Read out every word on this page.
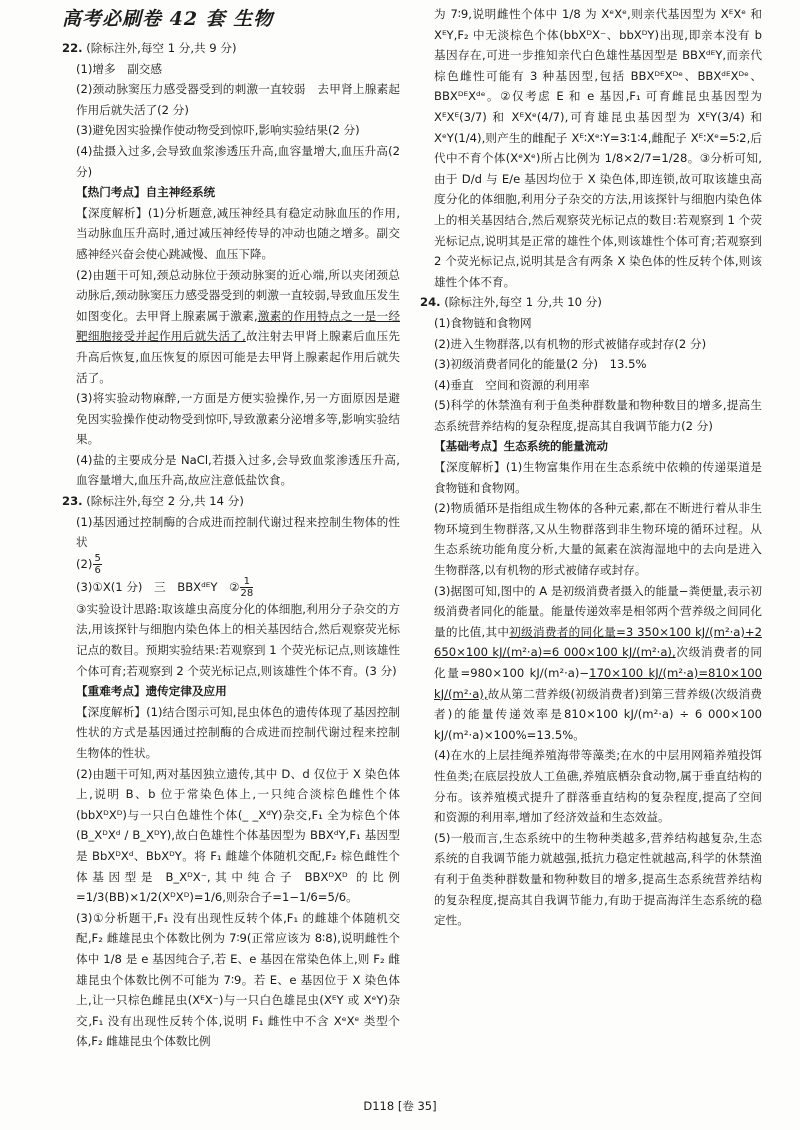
高考必刷卷 42 套 生物

22. (除标注外,每空 1 分,共 9 分)

(1)增多　副交感

(2)颈动脉窦压力感受器受到的刺激一直较弱　去甲肾上腺素起作用后就失活了(2 分)

(3)避免因实验操作使动物受到惊吓,影响实验结果(2 分)

(4)盐摄入过多,会导致血浆渗透压升高,血容量增大,血压升高(2 分)

【热门考点】自主神经系统

【深度解析】(1)分析题意,减压神经具有稳定动脉血压的作用,当动脉血压升高时,通过减压神经传导的冲动也随之增多。副交感神经兴奋会使心跳减慢、血压下降。

(2)由题干可知,颈总动脉位于颈动脉窦的近心端,所以夹闭颈总动脉后,颈动脉窦压力感受器受到的刺激一直较弱,导致血压发生如图变化。去甲肾上腺素属于激素,激素的作用特点之一是一经靶细胞接受并起作用后就失活了,故注射去甲肾上腺素后血压先升高后恢复,血压恢复的原因可能是去甲肾上腺素起作用后就失活了。

(3)将实验动物麻醉,一方面是方便实验操作,另一方面原因是避免因实验操作使动物受到惊吓,导致激素分泌增多等,影响实验结果。

(4)盐的主要成分是 NaCl,若摄入过多,会导致血浆渗透压升高,血容量增大,血压升高,故应注意低盐饮食。

23. (除标注外,每空 2 分,共 14 分)

(1)基因通过控制酶的合成进而控制代谢过程来控制生物体的性状

$(2) \frac{5}{6}$

(3)①X(1 分)　三　BBXᵈᴱY　② $\frac{1}{28}$

③实验设计思路:取该雄虫高度分化的体细胞,利用分子杂交的方法,用该探针与细胞内染色体上的相关基因结合,然后观察荧光标记点的数目。预期实验结果:若观察到 1 个荧光标记点,则该雄性个体可育;若观察到 2 个荧光标记点,则该雄性个体不育。(3 分)

【重难考点】遗传定律及应用

【深度解析】(1)结合图示可知,昆虫体色的遗传体现了基因控制性状的方式是基因通过控制酶的合成进而控制代谢过程来控制生物体的性状。

(2)由题干可知,两对基因独立遗传,其中 D、d 仅位于 X 染色体上,说明 B、b 位于常染色体上,一只纯合淡棕色雌性个体(bbXᴰXᴰ)与一只白色雄性个体(_ _XᵈY)杂交,F₁ 全为棕色个体(B_XᴰXᵈ / B_XᴰY),故白色雄性个体基因型为 BBXᵈY,F₁ 基因型是 BbXᴰXᵈ、BbXᴰY。将 F₁ 雌雄个体随机交配,F₂ 棕色雌性个体基因型是 B_XᴰX⁻,其中纯合子 BBXᴰXᴰ 的比例=1/3(BB)×1/2(XᴰXᴰ)=1/6,则杂合子=1−1/6=5/6。

(3)①分析题干,F₁ 没有出现性反转个体,F₁ 的雌雄个体随机交配,F₂ 雌雄昆虫个体数比例为 7∶9(正常应该为 8∶8),说明雌性个体中 1/8 是 e 基因纯合子,若 E、e 基因在常染色体上,则 F₂ 雌雄昆虫个体数比例不可能为 7∶9。若 E、e 基因位于 X 染色体上,让一只棕色雌昆虫(XᴱX⁻)与一只白色雄昆虫(XᴱY 或 XᵉY)杂交,F₁ 没有出现性反转个体,说明 F₁ 雌性中不含 XᵉXᵉ 类型个体,F₂ 雌雄昆虫个体数比例

为 7∶9,说明雌性个体中 1/8 为 XᵉXᵉ,则亲代基因型为 XᴱXᵉ 和 XᴱY,F₂ 中无淡棕色个体(bbXᴰX⁻、bbXᴰY)出现,即亲本没有 b 基因存在,可进一步推知亲代白色雄性基因型是 BBXᵈᴱY,而亲代棕色雌性可能有 3 种基因型,包括 BBXᴰᴱXᴰᵉ、BBXᵈᴱXᴰᵉ、BBXᴰᴱXᵈᵉ。②仅考虑 E 和 e 基因,F₁ 可育雌昆虫基因型为 XᴱXᴱ(3/7) 和 XᴱXᵉ(4/7),可育雄昆虫基因型为 XᴱY(3/4) 和 XᵉY(1/4),则产生的雌配子 Xᴱ∶Xᵉ∶Y=3∶1∶4,雌配子 Xᴱ∶Xᵉ=5∶2,后代中不育个体(XᵉXᵉ)所占比例为 1/8×2/7=1/28。③分析可知,由于 D/d 与 E/e 基因均位于 X 染色体,即连锁,故可取该雄虫高度分化的体细胞,利用分子杂交的方法,用该探针与细胞内染色体上的相关基因结合,然后观察荧光标记点的数目:若观察到 1 个荧光标记点,说明其是正常的雄性个体,则该雄性个体可育;若观察到 2 个荧光标记点,说明其是含有两条 X 染色体的性反转个体,则该雄性个体不育。

24. (除标注外,每空 1 分,共 10 分)

(1)食物链和食物网

(2)进入生物群落,以有机物的形式被储存或封存(2 分)

(3)初级消费者同化的能量(2 分)　13.5%

(4)垂直　空间和资源的利用率

(5)科学的休禁渔有利于鱼类种群数量和物种数目的增多,提高生态系统营养结构的复杂程度,提高其自我调节能力(2 分)

【基础考点】生态系统的能量流动

【深度解析】(1)生物富集作用在生态系统中依赖的传递渠道是食物链和食物网。

(2)物质循环是指组成生物体的各种元素,都在不断进行着从非生物环境到生物群落,又从生物群落到非生物环境的循环过程。从生态系统功能角度分析,大量的氮素在滨海湿地中的去向是进入生物群落,以有机物的形式被储存或封存。

(3)据图可知,图中的 A 是初级消费者摄入的能量−粪便量,表示初级消费者同化的能量。能量传递效率是相邻两个营养级之间同化量的比值,其中初级消费者的同化量=3 350×100 kJ/(m²·a)+2 650×100 kJ/(m²·a)=6 000×100 kJ/(m²·a),次级消费者的同化量=980×100 kJ/(m²·a)−170×100 kJ/(m²·a)=810×100 kJ/(m²·a),故从第二营养级(初级消费者)到第三营养级(次级消费者)的能量传递效率是810×100 kJ/(m²·a) ÷ 6 000×100 kJ/(m²·a)×100%=13.5%。

(4)在水的上层挂绳养殖海带等藻类;在水的中层用网箱养殖投饵性鱼类;在底层投放人工鱼礁,养殖底栖杂食动物,属于垂直结构的分布。该养殖模式提升了群落垂直结构的复杂程度,提高了空间和资源的利用率,增加了经济效益和生态效益。

(5)一般而言,生态系统中的生物种类越多,营养结构越复杂,生态系统的自我调节能力就越强,抵抗力稳定性就越高,科学的休禁渔有利于鱼类种群数量和物种数目的增多,提高生态系统营养结构的复杂程度,提高其自我调节能力,有助于提高海洋生态系统的稳定性。

D118 [卷 35]
